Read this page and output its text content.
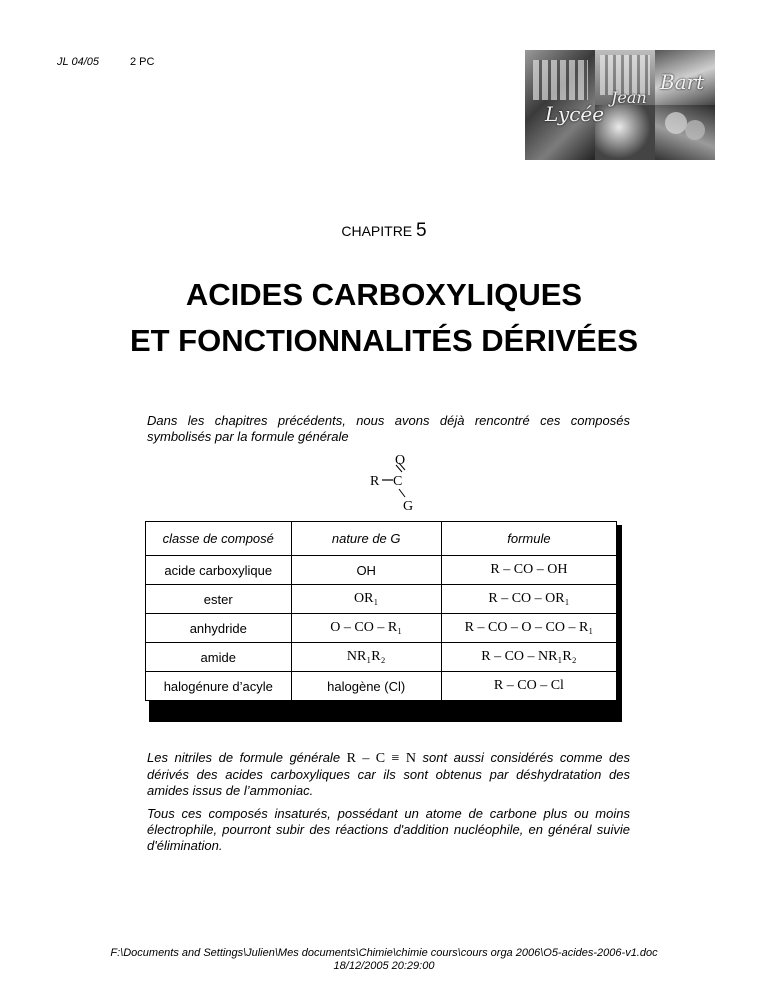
JL 04/05	2 PC
Lycée
Jean
Bart
CHAPITRE 5
ACIDES CARBOXYLIQUES
ET FONCTIONNALITÉS DÉRIVÉES
Dans les chapitres précédents, nous avons déjà rencontré ces composés symbolisés par la formule générale
O
R C
G
classe de composé	nature de G	formule
acide carboxylique	OH	R – CO – OH
ester	OR₁	R – CO – OR₁
anhydride	O – CO – R₁	R – CO – O – CO – R₁
amide	NR₁R₂	R – CO – NR₁R₂
halogénure d’acyle	halogène (Cl)	R – CO – Cl
Les nitriles de formule générale R – C ≡ N sont aussi considérés comme des dérivés des acides carboxyliques car ils sont obtenus par déshydratation des amides issus de l’ammoniac.
Tous ces composés insaturés, possédant un atome de carbone plus ou moins électrophile, pourront subir des réactions d'addition nucléophile, en général suivie d'élimination.
F:\Documents and Settings\Julien\Mes documents\Chimie\chimie cours\cours orga 2006\O5-acides-2006-v1.doc
18/12/2005 20:29:00
